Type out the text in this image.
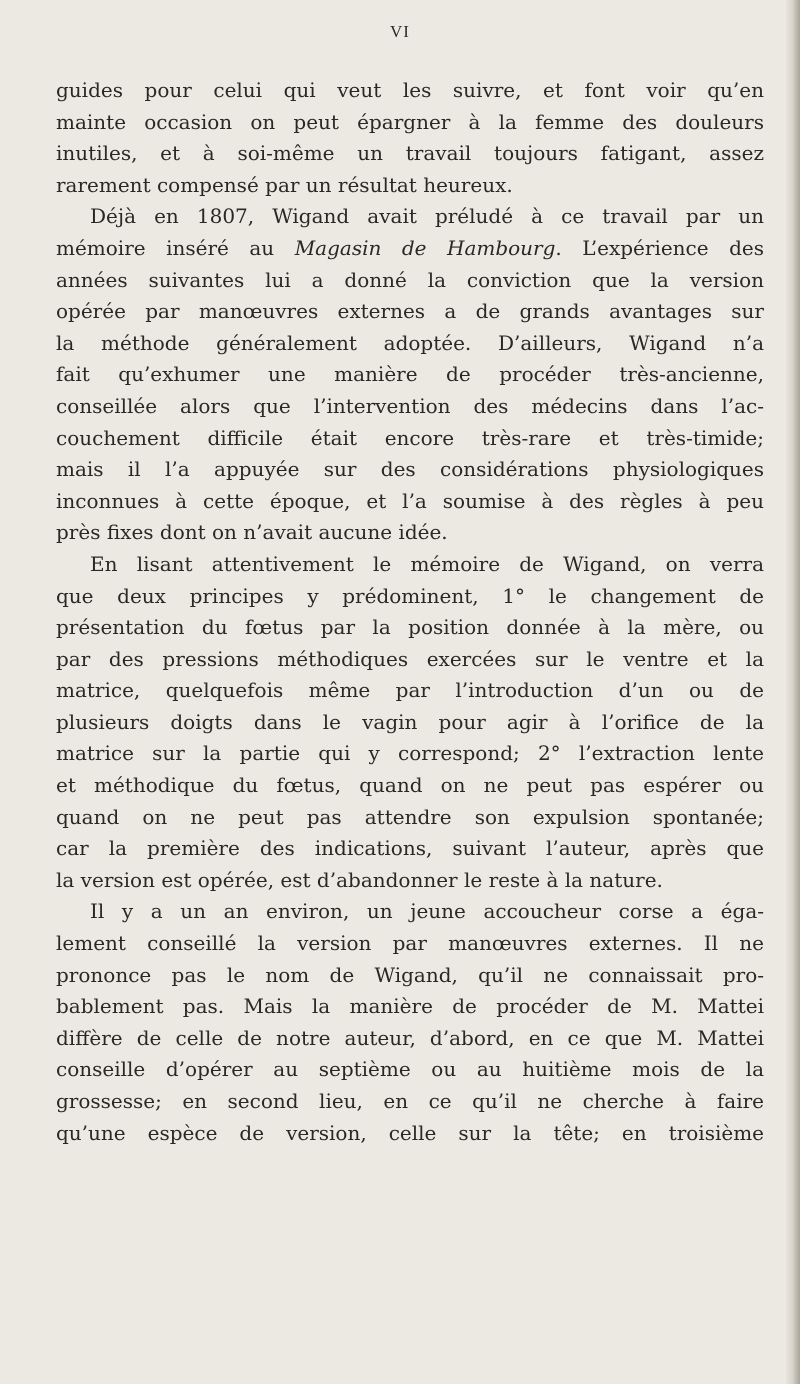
VI
guides pour celui qui veut les suivre, et font voir qu’en
mainte occasion on peut épargner à la femme des douleurs
inutiles, et à soi-même un travail toujours fatigant, assez
rarement compensé par un résultat heureux.
Déjà en 1807, Wigand avait préludé à ce travail par un
mémoire inséré au Magasin de Hambourg. L’expérience des
années suivantes lui a donné la conviction que la version
opérée par manœuvres externes a de grands avantages sur
la méthode généralement adoptée. D’ailleurs, Wigand n’a
fait qu’exhumer une manière de procéder très-ancienne,
conseillée alors que l’intervention des médecins dans l’ac-
couchement difficile était encore très-rare et très-timide;
mais il l’a appuyée sur des considérations physiologiques
inconnues à cette époque, et l’a soumise à des règles à peu
près fixes dont on n’avait aucune idée.
En lisant attentivement le mémoire de Wigand, on verra
que deux principes y prédominent, 1° le changement de
présentation du fœtus par la position donnée à la mère, ou
par des pressions méthodiques exercées sur le ventre et la
matrice, quelquefois même par l’introduction d’un ou de
plusieurs doigts dans le vagin pour agir à l’orifice de la
matrice sur la partie qui y correspond; 2° l’extraction lente
et méthodique du fœtus, quand on ne peut pas espérer ou
quand on ne peut pas attendre son expulsion spontanée;
car la première des indications, suivant l’auteur, après que
la version est opérée, est d’abandonner le reste à la nature.
Il y a un an environ, un jeune accoucheur corse a éga-
lement conseillé la version par manœuvres externes. Il ne
prononce pas le nom de Wigand, qu’il ne connaissait pro-
bablement pas. Mais la manière de procéder de M. Mattei
diffère de celle de notre auteur, d’abord, en ce que M. Mattei
conseille d’opérer au septième ou au huitième mois de la
grossesse; en second lieu, en ce qu’il ne cherche à faire
qu’une espèce de version, celle sur la tête; en troisième
